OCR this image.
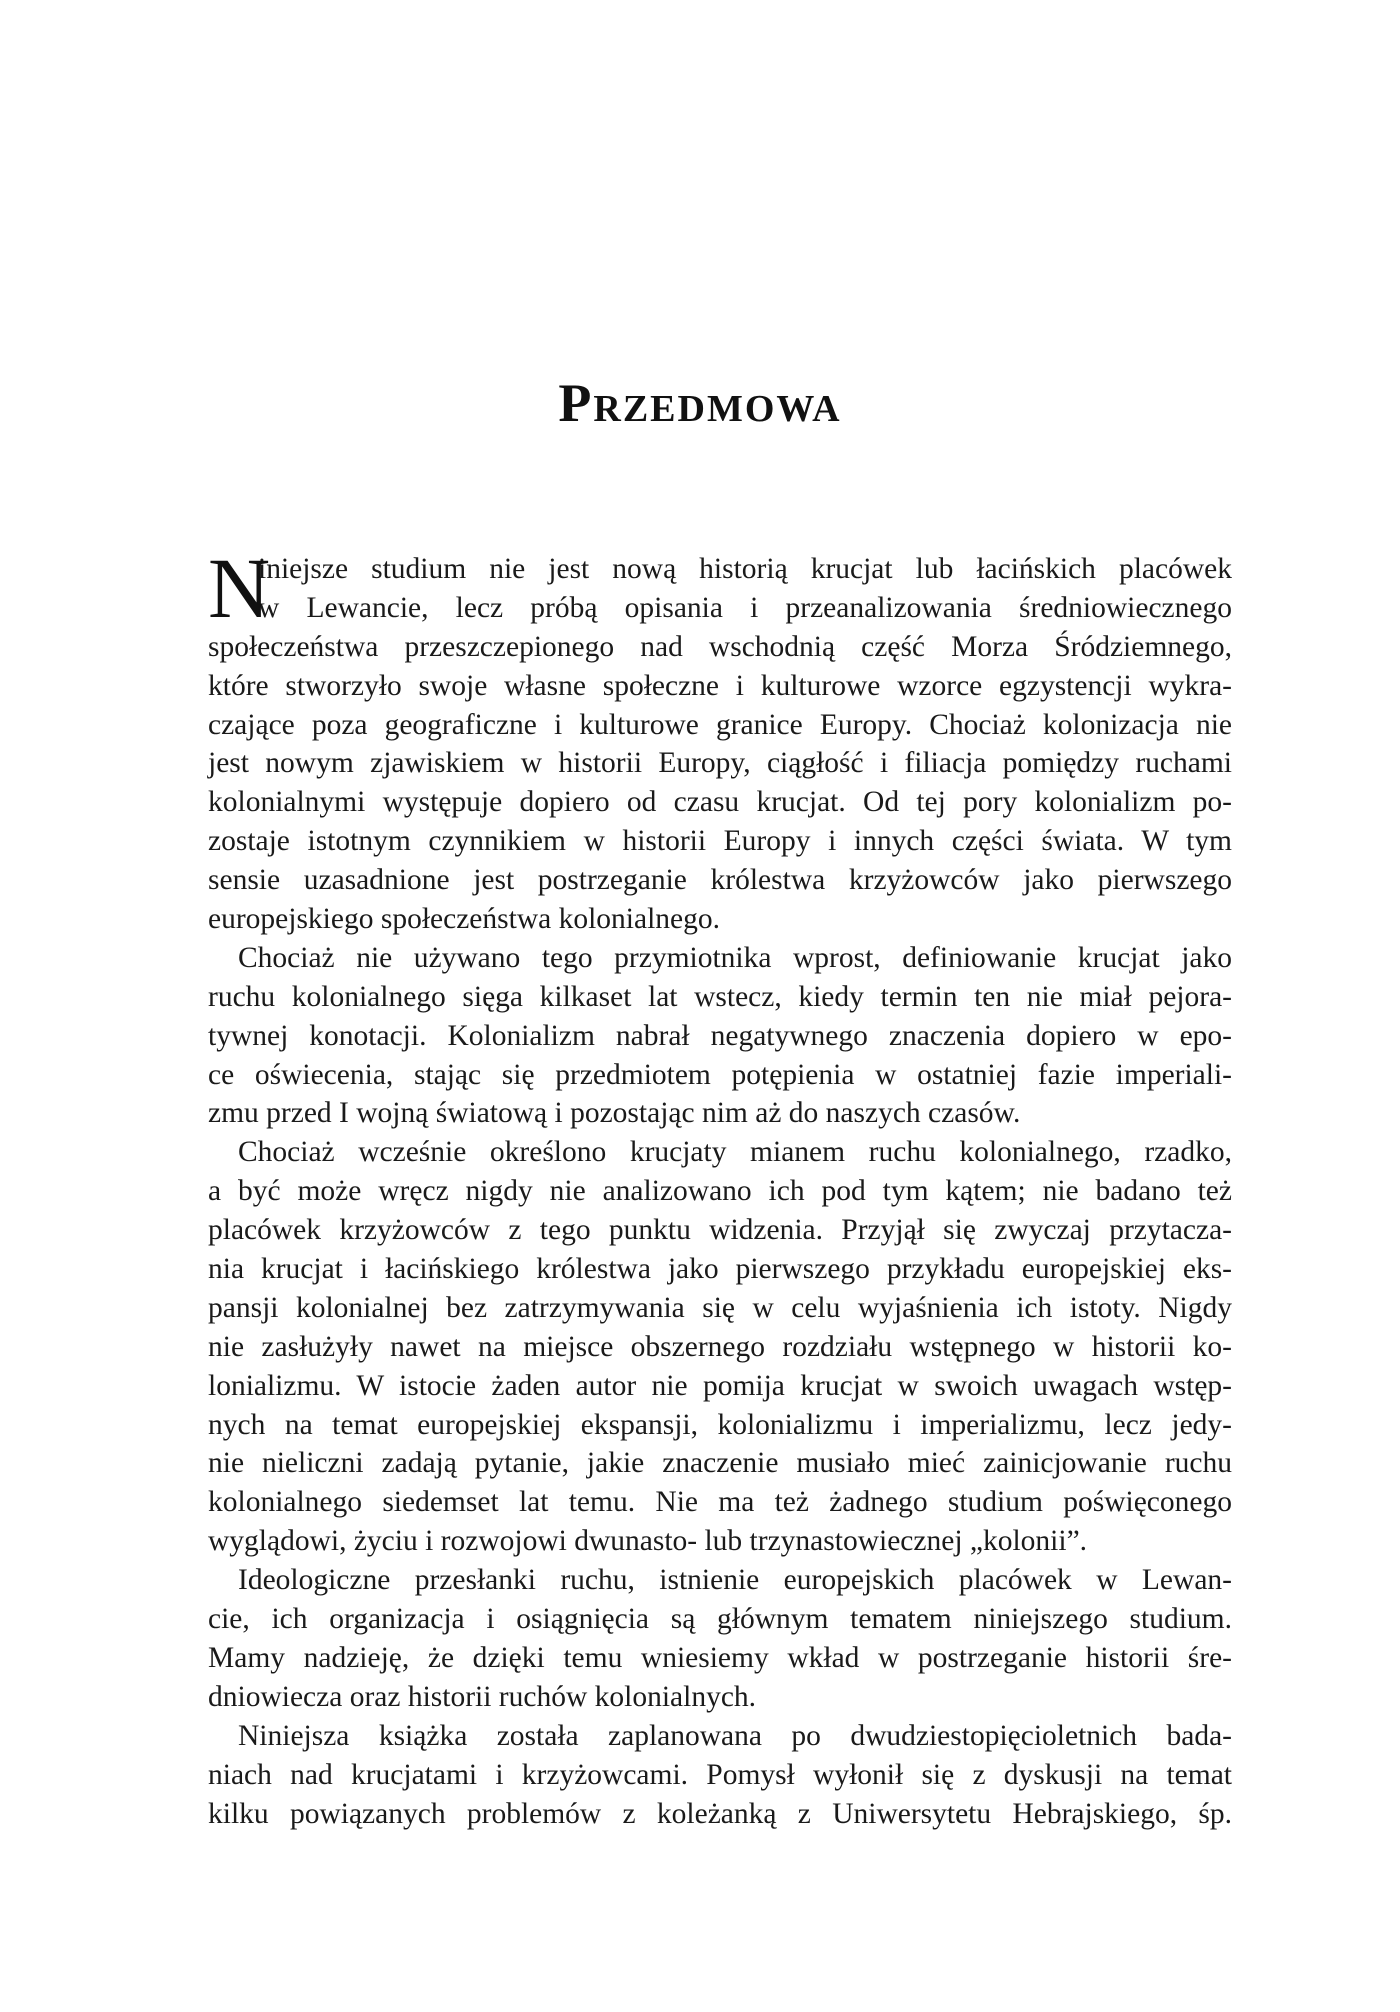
Przedmowa
N
iniejsze studium nie jest nową historią krucjat lub łacińskich placówek
w Lewancie, lecz próbą opisania i przeanalizowania średniowiecznego
społeczeństwa przeszczepionego nad wschodnią część Morza Śródziemnego,
które stworzyło swoje własne społeczne i kulturowe wzorce egzystencji wykra-
czające poza geograficzne i kulturowe granice Europy. Chociaż kolonizacja nie
jest nowym zjawiskiem w historii Europy, ciągłość i filiacja pomiędzy ruchami
kolonialnymi występuje dopiero od czasu krucjat. Od tej pory kolonializm po-
zostaje istotnym czynnikiem w historii Europy i innych części świata. W tym
sensie uzasadnione jest postrzeganie królestwa krzyżowców jako pierwszego
europejskiego społeczeństwa kolonialnego.
Chociaż nie używano tego przymiotnika wprost, definiowanie krucjat jako
ruchu kolonialnego sięga kilkaset lat wstecz, kiedy termin ten nie miał pejora-
tywnej konotacji. Kolonializm nabrał negatywnego znaczenia dopiero w epo-
ce oświecenia, stając się przedmiotem potępienia w ostatniej fazie imperiali-
zmu przed I wojną światową i pozostając nim aż do naszych czasów.
Chociaż wcześnie określono krucjaty mianem ruchu kolonialnego, rzadko,
a być może wręcz nigdy nie analizowano ich pod tym kątem; nie badano też
placówek krzyżowców z tego punktu widzenia. Przyjął się zwyczaj przytacza-
nia krucjat i łacińskiego królestwa jako pierwszego przykładu europejskiej eks-
pansji kolonialnej bez zatrzymywania się w celu wyjaśnienia ich istoty. Nigdy
nie zasłużyły nawet na miejsce obszernego rozdziału wstępnego w historii ko-
lonializmu. W istocie żaden autor nie pomija krucjat w swoich uwagach wstęp-
nych na temat europejskiej ekspansji, kolonializmu i imperializmu, lecz jedy-
nie nieliczni zadają pytanie, jakie znaczenie musiało mieć zainicjowanie ruchu
kolonialnego siedemset lat temu. Nie ma też żadnego studium poświęconego
wyglądowi, życiu i rozwojowi dwunasto- lub trzynastowiecznej „kolonii”.
Ideologiczne przesłanki ruchu, istnienie europejskich placówek w Lewan-
cie, ich organizacja i osiągnięcia są głównym tematem niniejszego studium.
Mamy nadzieję, że dzięki temu wniesiemy wkład w postrzeganie historii śre-
dniowiecza oraz historii ruchów kolonialnych.
Niniejsza książka została zaplanowana po dwudziestopięcioletnich bada-
niach nad krucjatami i krzyżowcami. Pomysł wyłonił się z dyskusji na temat
kilku powiązanych problemów z koleżanką z Uniwersytetu Hebrajskiego, śp.
